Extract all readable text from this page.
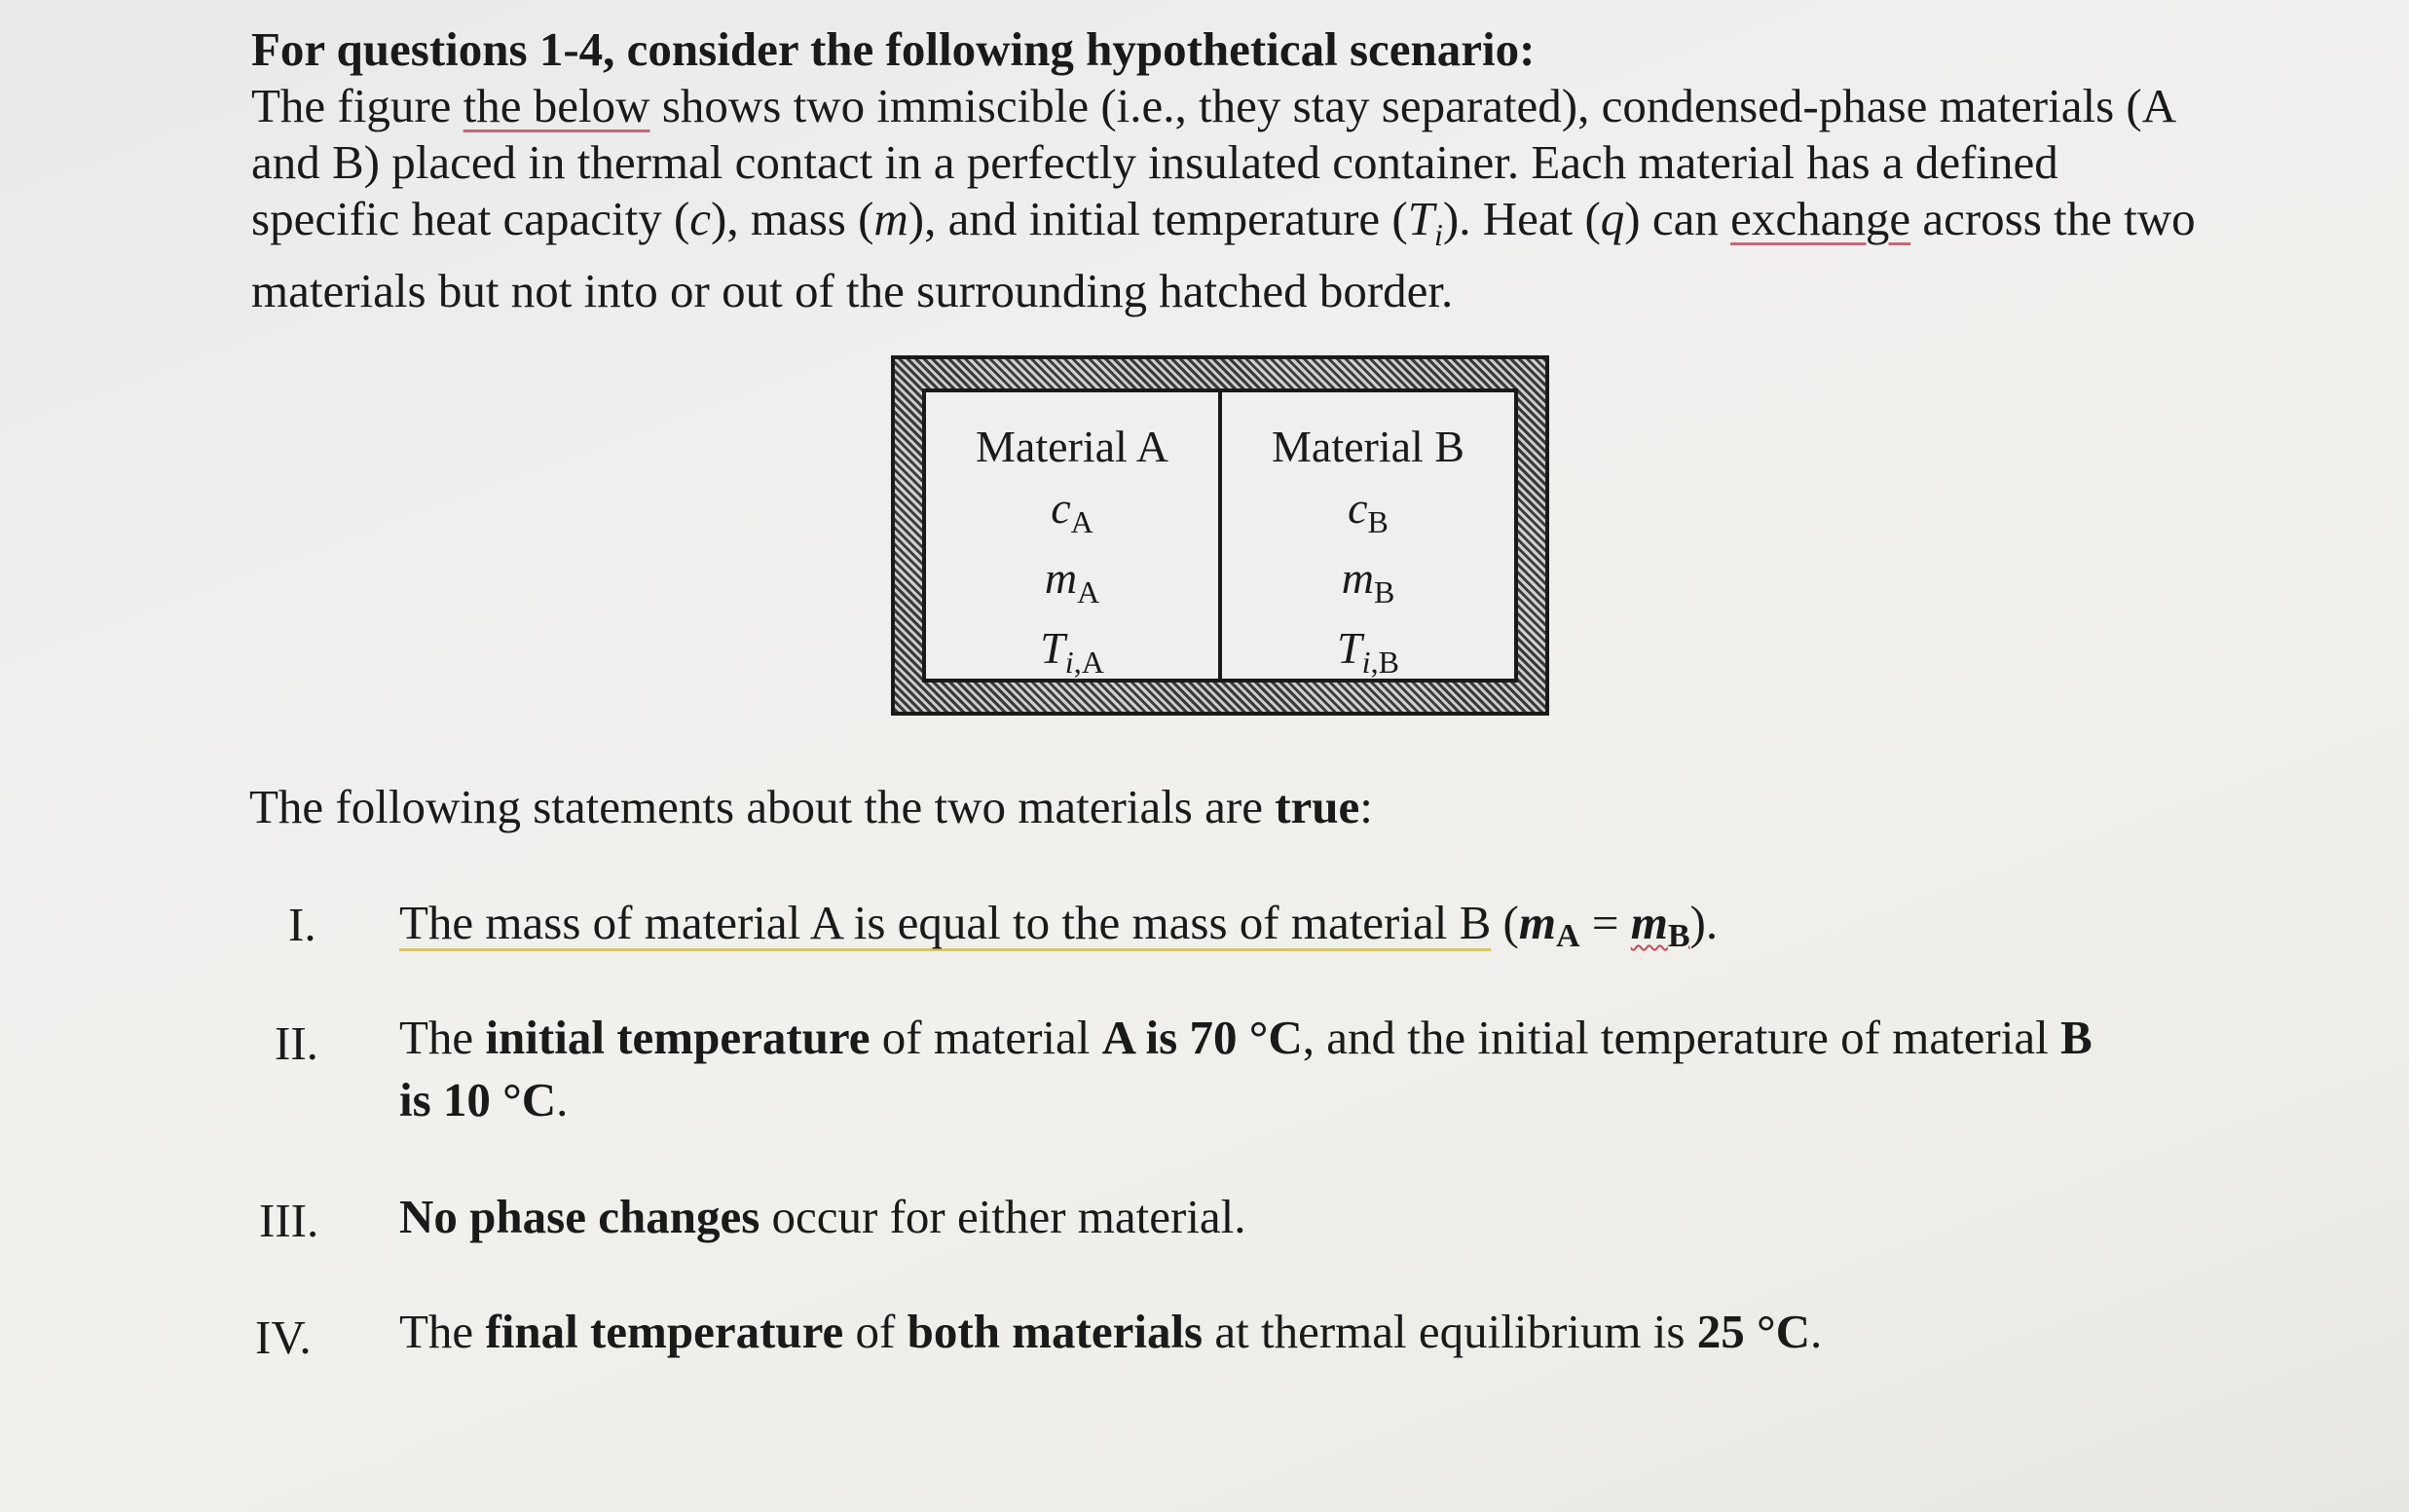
For questions 1-4, consider the following hypothetical scenario:

The figure the below shows two immiscible (i.e., they stay separated), condensed-phase materials (A and B) placed in thermal contact in a perfectly insulated container. Each material has a defined specific heat capacity (c), mass (m), and initial temperature $(T_i)$. Heat (q) can exchange across the two materials but not into or out of the surrounding hatched border.

Material A
$c_A$
$m_A$
$T_{i,A}$
Material B
$c_B$
$m_B$
$T_{i,B}$
The following statements about the two materials are true:
I. The mass of material A is equal to the mass of material B $(m_A = m_B)$.
II. The initial temperature of material A is 70 °C, and the initial temperature of material B
is 10 °C.
III. No phase changes occur for either material.
IV. The final temperature of both materials at thermal equilibrium is 25 °C.
